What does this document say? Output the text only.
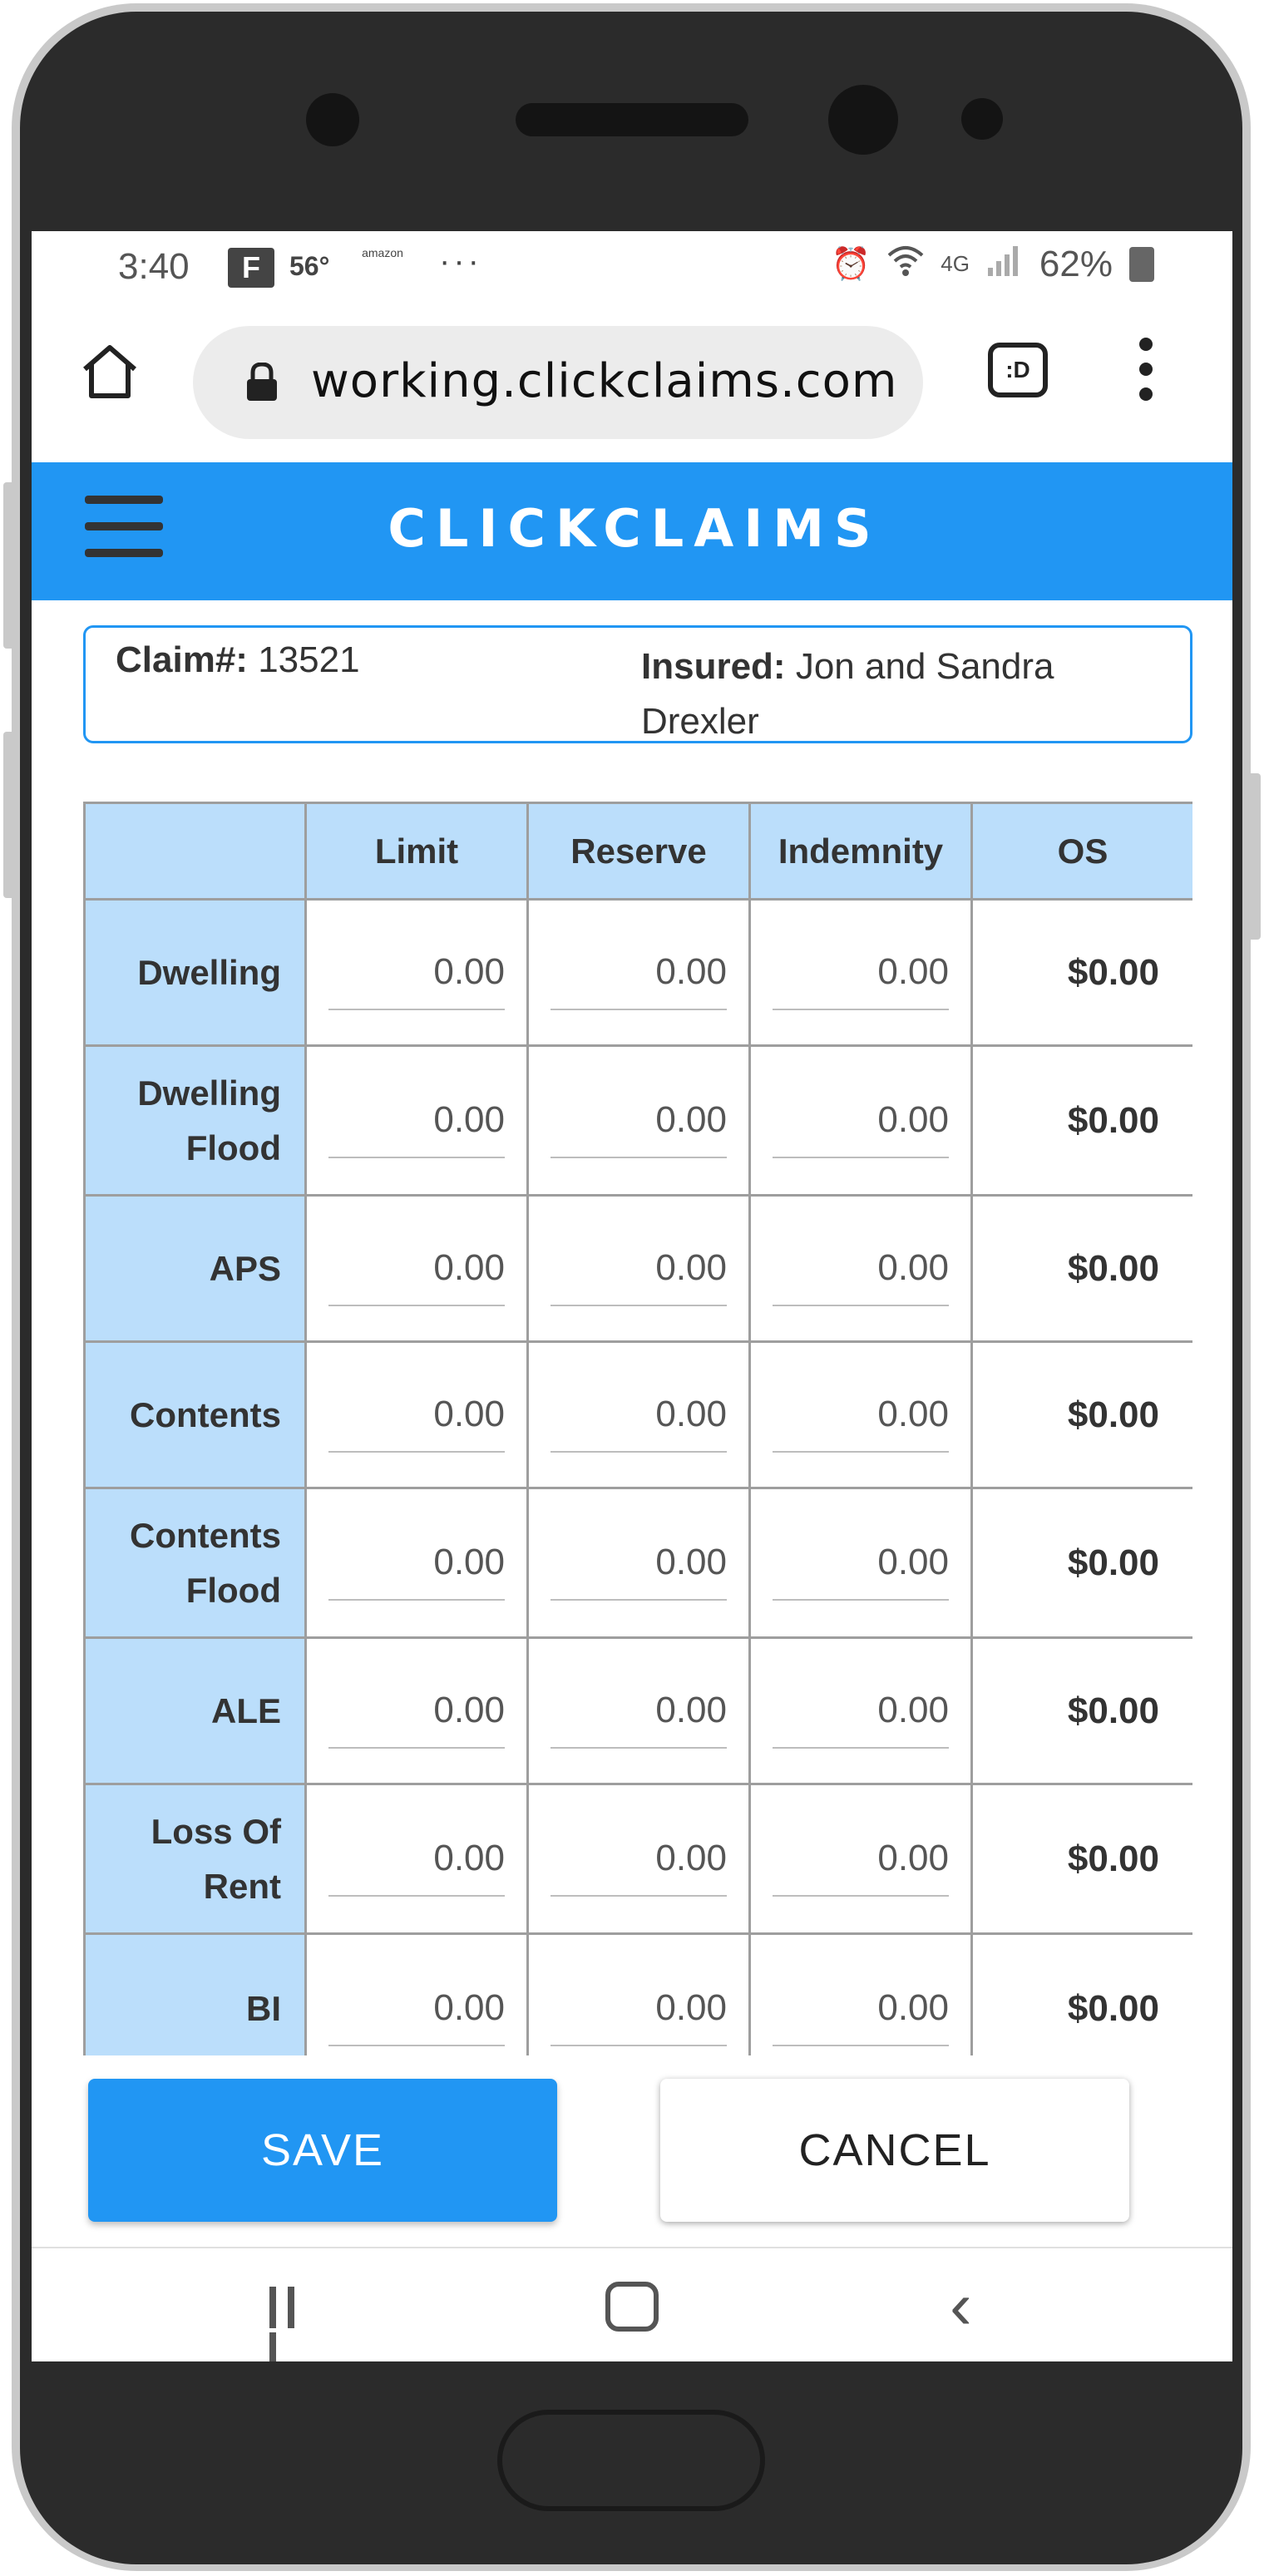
3:40	F	56°	amazon ···	⏰	4G 62%
working.clickclaims.com	:D
CLICKCLAIMS
Claim#: 13521	Insured: Jon and Sandra Drexler
	Limit	Reserve	Indemnity	OS
Dwelling	0.00	0.00	0.00	$0.00
Dwelling Flood	0.00	0.00	0.00	$0.00
APS	0.00	0.00	0.00	$0.00
Contents	0.00	0.00	0.00	$0.00
Contents Flood	0.00	0.00	0.00	$0.00
ALE	0.00	0.00	0.00	$0.00
Loss Of Rent	0.00	0.00	0.00	$0.00
BI	0.00	0.00	0.00	$0.00
SAVE	CANCEL
‹
